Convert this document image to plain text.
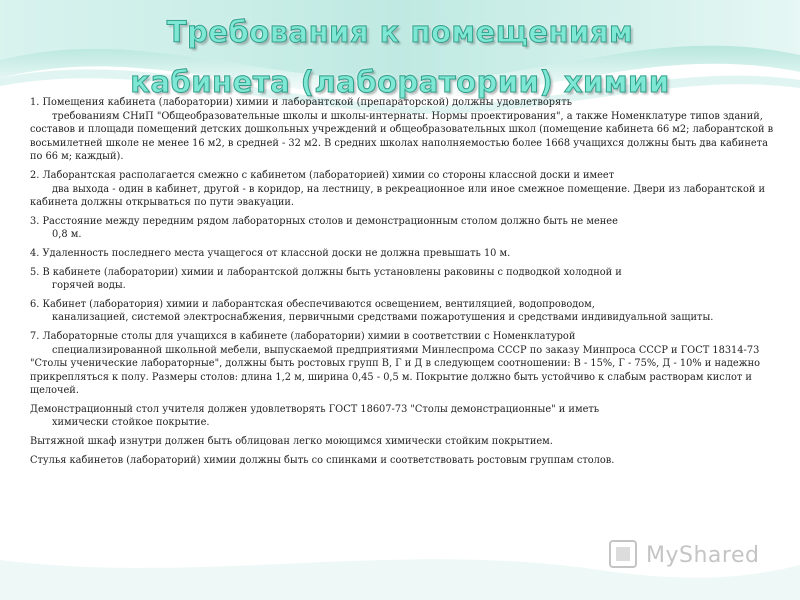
Требования к помещениям
кабинета (лаборатории) химии

1. Помещения кабинета (лаборатории) химии и лаборантской (препараторской) должны удовлетворять
требованиям СНиП "Общеобразовательные школы и школы-интернаты. Нормы проектирования", а также Номенклатуре типов зданий, составов и площади помещений детских дошкольных учреждений и общеобразовательных школ (помещение кабинета 66 м2; лаборантской в восьмилетней школе не менее 16 м2, в средней - 32 м2. В средних школах наполняемостью более 1668 учащихся должны быть два кабинета по 66 м; каждый).

2. Лаборантская располагается смежно с кабинетом (лабораторией) химии со стороны классной доски и имеет
два выхода - один в кабинет, другой - в коридор, на лестницу, в рекреационное или иное смежное помещение. Двери из лаборантской и кабинета должны открываться по пути эвакуации.

3. Расстояние между передним рядом лабораторных столов и демонстрационным столом должно быть не менее
0,8 м.

4. Удаленность последнего места учащегося от классной доски не должна превышать 10 м.

5. В кабинете (лаборатории) химии и лаборантской должны быть установлены раковины с подводкой холодной и
горячей воды.

6. Кабинет (лаборатория) химии и лаборантская обеспечиваются освещением, вентиляцией, водопроводом,
канализацией, системой электроснабжения, первичными средствами пожаротушения и средствами индивидуальной защиты.

7. Лабораторные столы для учащихся в кабинете (лаборатории) химии в соответствии с Номенклатурой
специализированной школьной мебели, выпускаемой предприятиями Минлеспрома СССР по заказу Минпроса СССР и ГОСТ 18314-73 "Столы ученические лабораторные", должны быть ростовых групп В, Г и Д в следующем соотношении: В - 15%, Г - 75%, Д - 10% и надежно прикрепляться к полу. Размеры столов: длина 1,2 м, ширина 0,45 - 0,5 м. Покрытие должно быть устойчиво к слабым растворам кислот и щелочей.

Демонстрационный стол учителя должен удовлетворять ГОСТ 18607-73 "Столы демонстрационные" и иметь
химически стойкое покрытие.

Вытяжной шкаф изнутри должен быть облицован легко моющимся химически стойким покрытием.

Стулья кабинетов (лабораторий) химии должны быть со спинками и соответствовать ростовым группам столов.

MyShared
